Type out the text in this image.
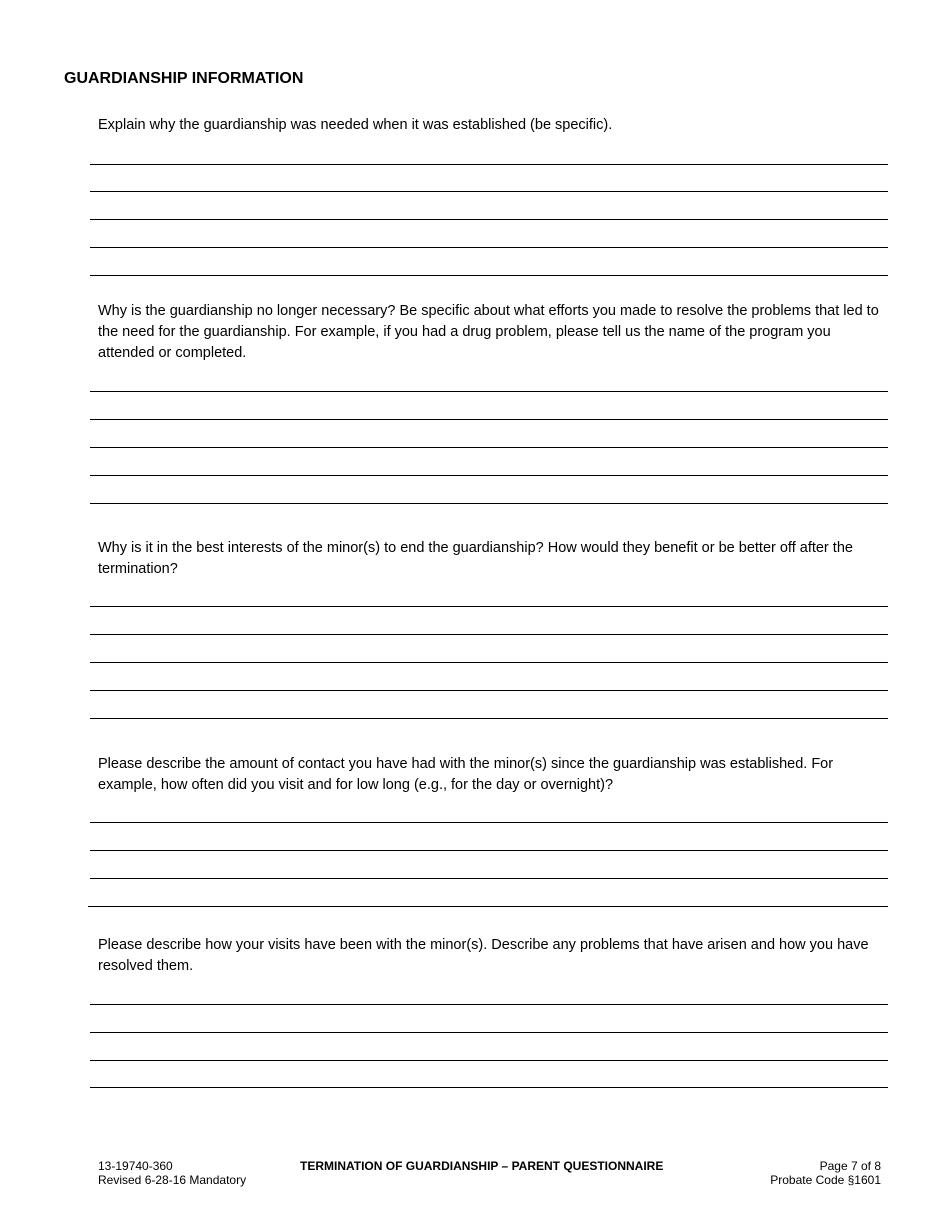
GUARDIANSHIP INFORMATION

Explain why the guardianship was needed when it was established (be specific).

Why is the guardianship no longer necessary? Be specific about what efforts you made to resolve the problems that led to the need for the guardianship. For example, if you had a drug problem, please tell us the name of the program you attended or completed.

Why is it in the best interests of the minor(s) to end the guardianship? How would they benefit or be better off after the termination?

Please describe the amount of contact you have had with the minor(s) since the guardianship was established. For example, how often did you visit and for low long (e.g., for the day or overnight)?

Please describe how your visits have been with the minor(s). Describe any problems that have arisen and how you have resolved them.

13-19740-360
Revised 6-28-16 Mandatory
TERMINATION OF GUARDIANSHIP – PARENT QUESTIONNAIRE	Page 7 of 8
Probate Code §1601
